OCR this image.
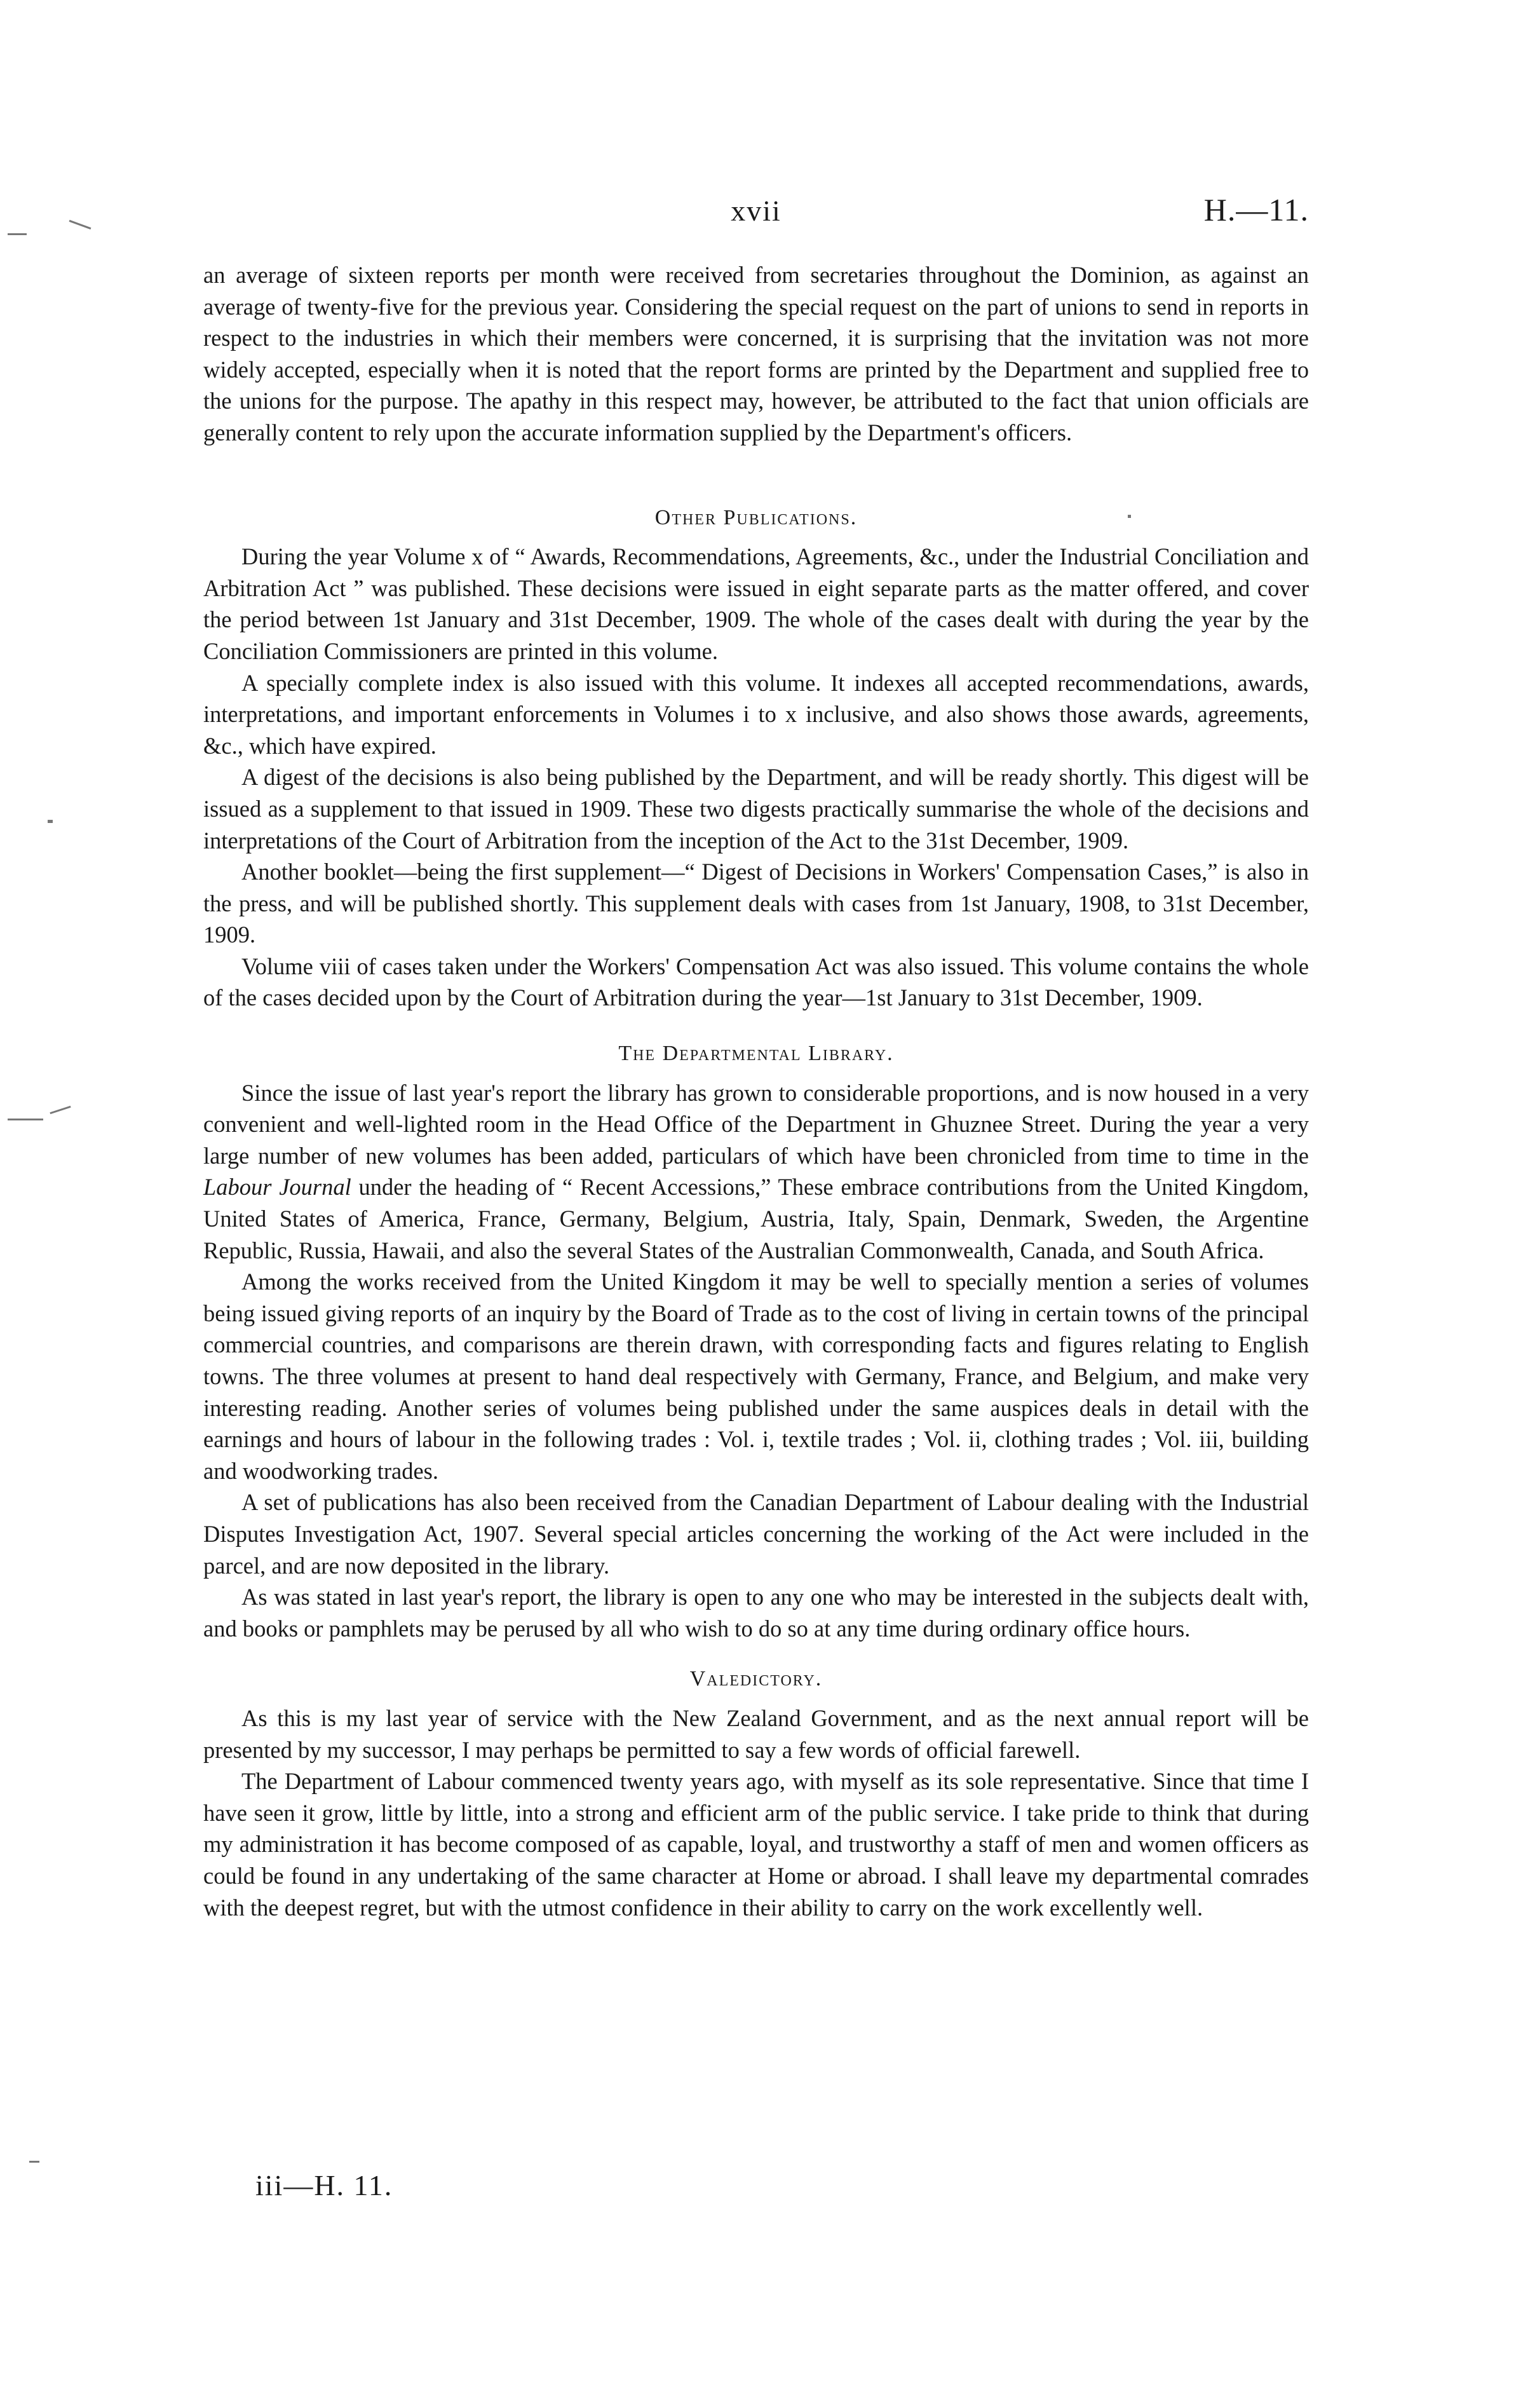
xvii	H.—11.

an average of sixteen reports per month were received from secretaries throughout the Dominion, as against an average of twenty-five for the previous year. Considering the special request on the part of unions to send in reports in respect to the industries in which their members were concerned, it is surprising that the invitation was not more widely accepted, especially when it is noted that the report forms are printed by the Department and supplied free to the unions for the purpose. The apathy in this respect may, however, be attributed to the fact that union officials are generally content to rely upon the accurate information supplied by the Department's officers.

Other Publications.

During the year Volume x of “ Awards, Recommendations, Agreements, &c., under the Industrial Conciliation and Arbitration Act ” was published. These decisions were issued in eight separate parts as the matter offered, and cover the period between 1st January and 31st December, 1909. The whole of the cases dealt with during the year by the Conciliation Commissioners are printed in this volume.

A specially complete index is also issued with this volume. It indexes all accepted recommendations, awards, interpretations, and important enforcements in Volumes i to x inclusive, and also shows those awards, agreements, &c., which have expired.

A digest of the decisions is also being published by the Department, and will be ready shortly. This digest will be issued as a supplement to that issued in 1909. These two digests practically summarise the whole of the decisions and interpretations of the Court of Arbitration from the inception of the Act to the 31st December, 1909.

Another booklet—being the first supplement—“ Digest of Decisions in Workers' Compensation Cases,” is also in the press, and will be published shortly. This supplement deals with cases from 1st January, 1908, to 31st December, 1909.

Volume viii of cases taken under the Workers' Compensation Act was also issued. This volume contains the whole of the cases decided upon by the Court of Arbitration during the year—1st January to 31st December, 1909.

The Departmental Library.

Since the issue of last year's report the library has grown to considerable proportions, and is now housed in a very convenient and well-lighted room in the Head Office of the Department in Ghuznee Street. During the year a very large number of new volumes has been added, particulars of which have been chronicled from time to time in the Labour Journal under the heading of “ Recent Accessions,” These embrace contributions from the United Kingdom, United States of America, France, Germany, Belgium, Austria, Italy, Spain, Denmark, Sweden, the Argentine Republic, Russia, Hawaii, and also the several States of the Australian Commonwealth, Canada, and South Africa.

Among the works received from the United Kingdom it may be well to specially mention a series of volumes being issued giving reports of an inquiry by the Board of Trade as to the cost of living in certain towns of the principal commercial countries, and comparisons are therein drawn, with corresponding facts and figures relating to English towns. The three volumes at present to hand deal respectively with Germany, France, and Belgium, and make very interesting reading. Another series of volumes being published under the same auspices deals in detail with the earnings and hours of labour in the following trades : Vol. i, textile trades ; Vol. ii, clothing trades ; Vol. iii, building and woodworking trades.

A set of publications has also been received from the Canadian Department of Labour dealing with the Industrial Disputes Investigation Act, 1907. Several special articles concerning the working of the Act were included in the parcel, and are now deposited in the library.

As was stated in last year's report, the library is open to any one who may be interested in the subjects dealt with, and books or pamphlets may be perused by all who wish to do so at any time during ordinary office hours.

Valedictory.

As this is my last year of service with the New Zealand Government, and as the next annual report will be presented by my successor, I may perhaps be permitted to say a few words of official farewell.

The Department of Labour commenced twenty years ago, with myself as its sole representative. Since that time I have seen it grow, little by little, into a strong and efficient arm of the public service. I take pride to think that during my administration it has become composed of as capable, loyal, and trustworthy a staff of men and women officers as could be found in any undertaking of the same character at Home or abroad. I shall leave my departmental comrades with the deepest regret, but with the utmost confidence in their ability to carry on the work excellently well.

iii—H. 11.
